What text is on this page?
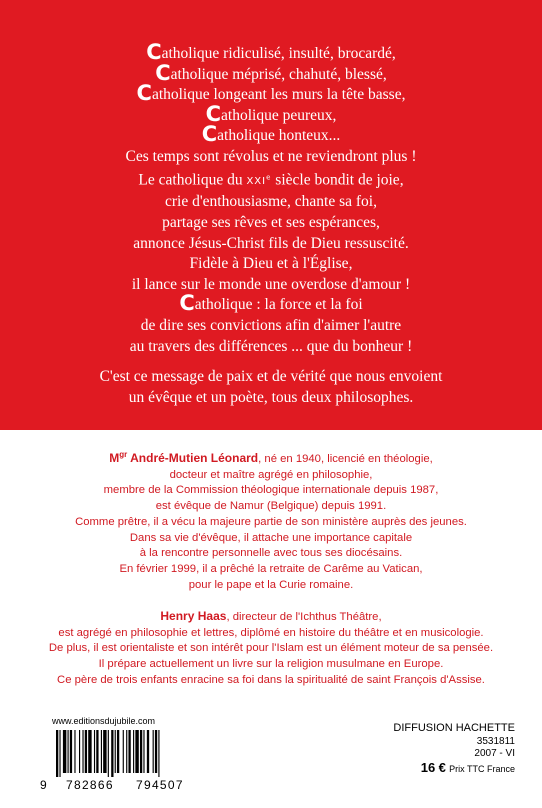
Catholique ridiculisé, insulté, brocardé,
Catholique méprisé, chahuté, blessé,
Catholique longeant les murs la tête basse,
Catholique peureux,
Catholique honteux...
Ces temps sont révolus et ne reviendront plus !
Le catholique du XXIe siècle bondit de joie,
crie d'enthousiasme, chante sa foi,
partage ses rêves et ses espérances,
annonce Jésus-Christ fils de Dieu ressuscité.
Fidèle à Dieu et à l'Église,
il lance sur le monde une overdose d'amour !
Catholique : la force et la foi
de dire ses convictions afin d'aimer l'autre
au travers des différences ... que du bonheur !
C'est ce message de paix et de vérité que nous envoient
un évêque et un poète, tous deux philosophes.
$M^{gr}$ André-Mutien Léonard, né en 1940, licencié en théologie,
docteur et maître agrégé en philosophie,
membre de la Commission théologique internationale depuis 1987,
est évêque de Namur (Belgique) depuis 1991.
Comme prêtre, il a vécu la majeure partie de son ministère auprès des jeunes.
Dans sa vie d'évêque, il attache une importance capitale
à la rencontre personnelle avec tous ses diocésains.
En février 1999, il a prêché la retraite de Carême au Vatican,
pour le pape et la Curie romaine.
Henry Haas, directeur de l'Ichthus Théâtre,
est agrégé en philosophie et lettres, diplômé en histoire du théâtre et en musicologie.
De plus, il est orientaliste et son intérêt pour l'Islam est un élément moteur de sa pensée.
Il prépare actuellement un livre sur la religion musulmane en Europe.
Ce père de trois enfants enracine sa foi dans la spiritualité de saint François d'Assise.
www.editionsdujubile.com
9 782866 794507
DIFFUSION HACHETTE
3531811
2007 - VI
16 € Prix TTC France
